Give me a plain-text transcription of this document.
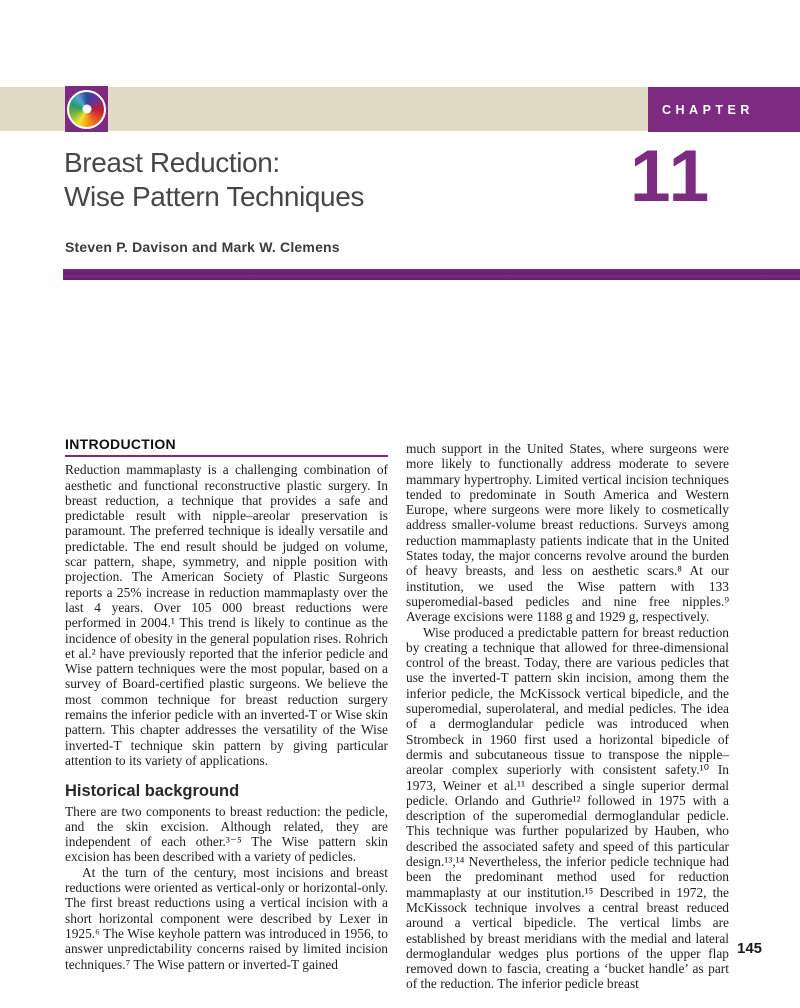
CHAPTER
Breast Reduction:
Wise Pattern Techniques	11
Steven P. Davison and Mark W. Clemens
INTRODUCTION

Reduction mammaplasty is a challenging combination of aesthetic and functional reconstructive plastic surgery. In breast reduction, a technique that provides a safe and predictable result with nipple–areolar preservation is paramount. The preferred technique is ideally versatile and predictable. The end result should be judged on volume, scar pattern, shape, symmetry, and nipple position with projection. The American Society of Plastic Surgeons reports a 25% increase in reduction mammaplasty over the last 4 years. Over 105 000 breast reductions were performed in 2004.¹ This trend is likely to continue as the incidence of obesity in the general population rises. Rohrich et al.² have previously reported that the inferior pedicle and Wise pattern techniques were the most popular, based on a survey of Board-certified plastic surgeons. We believe the most common technique for breast reduction surgery remains the inferior pedicle with an inverted-T or Wise skin pattern. This chapter addresses the versatility of the Wise inverted-T technique skin pattern by giving particular attention to its variety of applications.

Historical background

There are two components to breast reduction: the pedicle, and the skin excision. Although related, they are independent of each other.³⁻⁵ The Wise pattern skin excision has been described with a variety of pedicles.

At the turn of the century, most incisions and breast reductions were oriented as vertical-only or horizontal-only. The first breast reductions using a vertical incision with a short horizontal component were described by Lexer in 1925.⁶ The Wise keyhole pattern was introduced in 1956, to answer unpredictability concerns raised by limited incision techniques.⁷ The Wise pattern or inverted-T gained

much support in the United States, where surgeons were more likely to functionally address moderate to severe mammary hypertrophy. Limited vertical incision techniques tended to predominate in South America and Western Europe, where surgeons were more likely to cosmetically address smaller-volume breast reductions. Surveys among reduction mammaplasty patients indicate that in the United States today, the major concerns revolve around the burden of heavy breasts, and less on aesthetic scars.⁸ At our institution, we used the Wise pattern with 133 superomedial-based pedicles and nine free nipples.⁹ Average excisions were 1188 g and 1929 g, respectively.

Wise produced a predictable pattern for breast reduction by creating a technique that allowed for three-dimensional control of the breast. Today, there are various pedicles that use the inverted-T pattern skin incision, among them the inferior pedicle, the McKissock vertical bipedicle, and the superomedial, superolateral, and medial pedicles. The idea of a dermoglandular pedicle was introduced when Strombeck in 1960 first used a horizontal bipedicle of dermis and subcutaneous tissue to transpose the nipple–areolar complex superiorly with consistent safety.¹⁰ In 1973, Weiner et al.¹¹ described a single superior dermal pedicle. Orlando and Guthrie¹² followed in 1975 with a description of the superomedial dermoglandular pedicle. This technique was further popularized by Hauben, who described the associated safety and speed of this particular design.¹³,¹⁴ Nevertheless, the inferior pedicle technique had been the predominant method used for reduction mammaplasty at our institution.¹⁵ Described in 1972, the McKissock technique involves a central breast reduced around a vertical bipedicle. The vertical limbs are established by breast meridians with the medial and lateral dermoglandular wedges plus portions of the upper flap removed down to fascia, creating a ‘bucket handle’ as part of the reduction. The inferior pedicle breast

145
